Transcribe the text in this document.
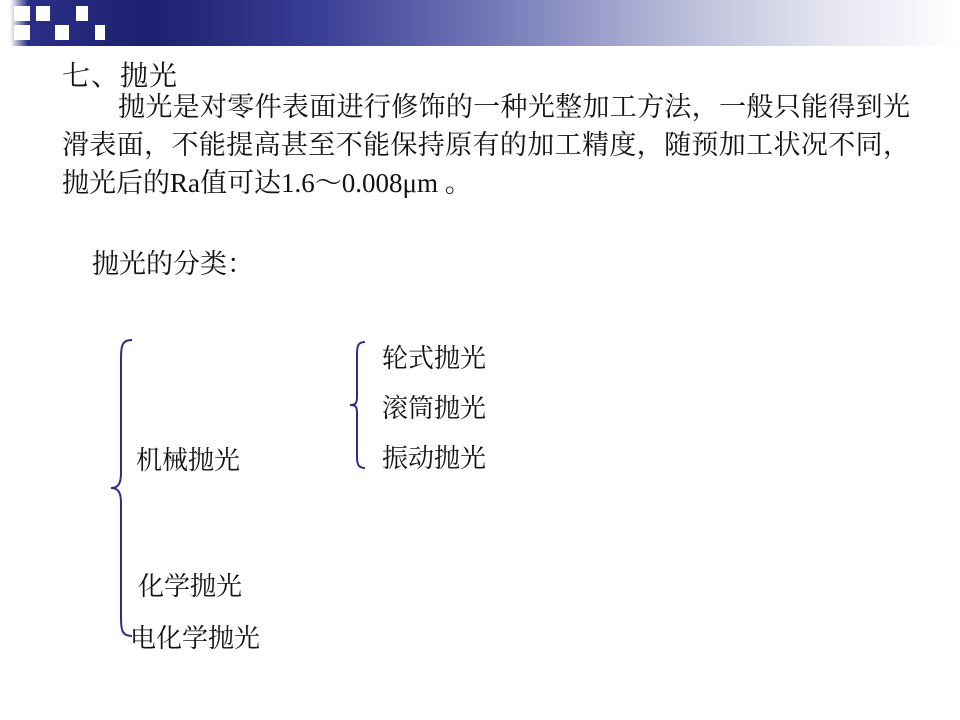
七、抛光
抛光是对零件表面进行修饰的一种光整加工方法，一般只能得到光滑表面，不能提高甚至不能保持原有的加工精度，随预加工状况不同，抛光后的Ra值可达1.6～0.008μm 。
抛光的分类：
机械抛光
轮式抛光
滚筒抛光
振动抛光
化学抛光
电化学抛光
